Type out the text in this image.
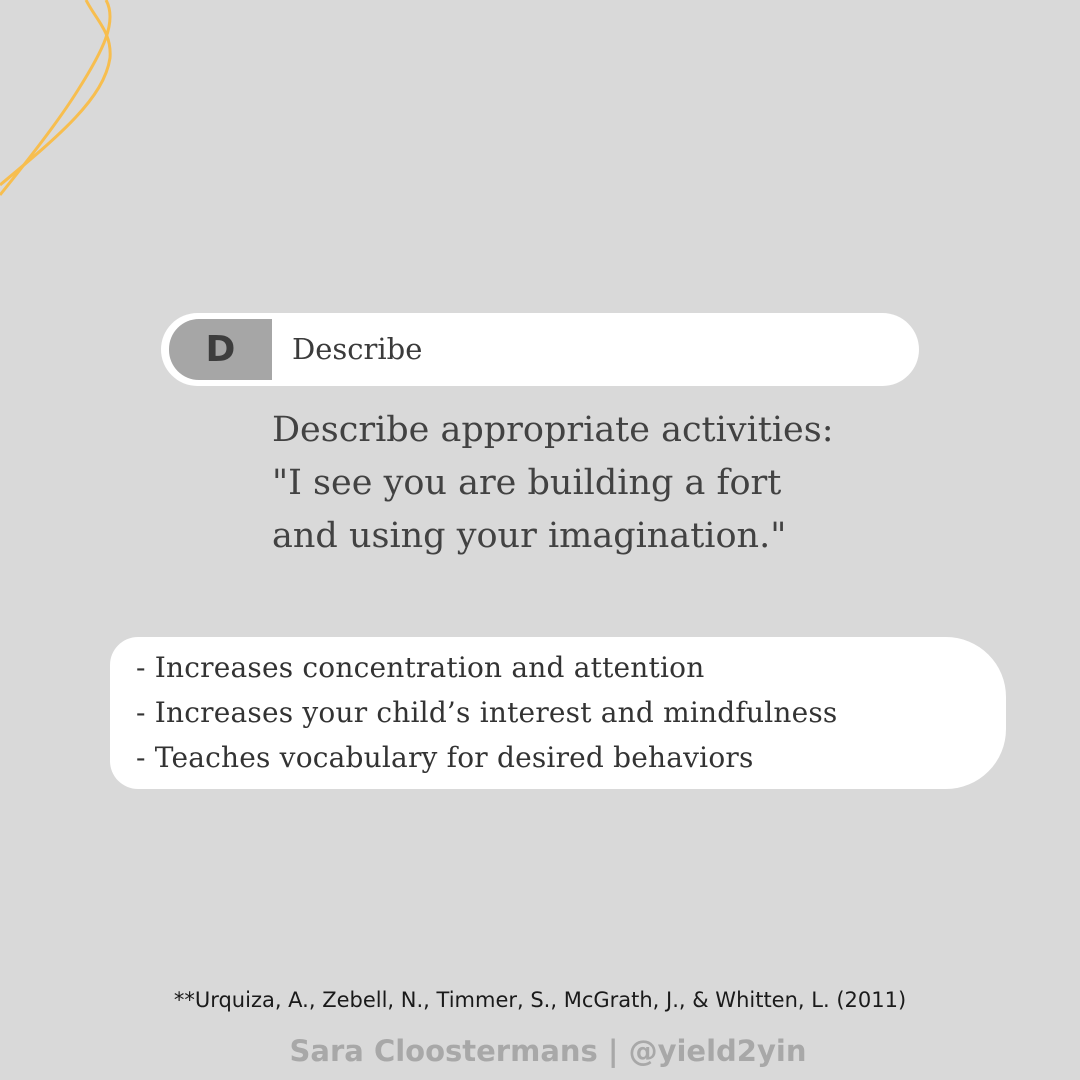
D	Describe
Describe appropriate activities:
"I see you are building a fort
and using your imagination."
- Increases concentration and attention
- Increases your child’s interest and mindfulness
- Teaches vocabulary for desired behaviors
**Urquiza, A., Zebell, N., Timmer, S., McGrath, J., & Whitten, L. (2011)
Sara Cloostermans | @yield2yin
